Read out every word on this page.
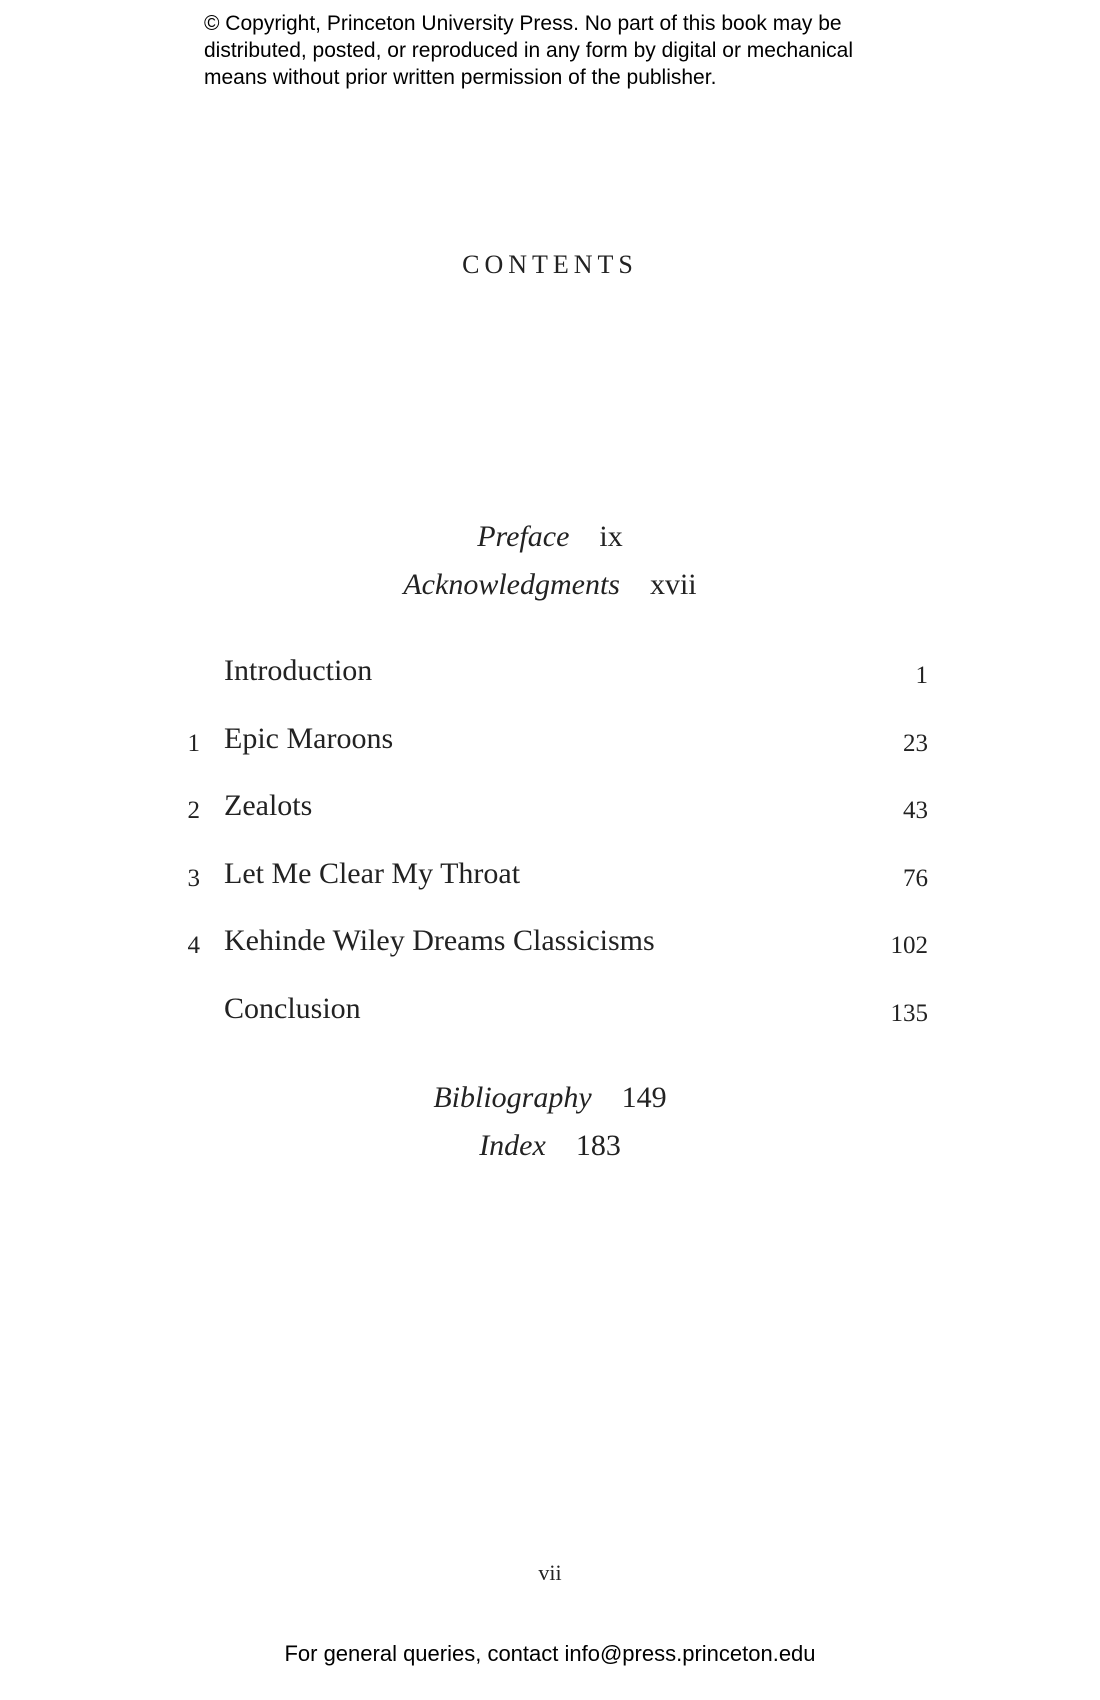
© Copyright, Princeton University Press. No part of this book may be
distributed, posted, or reproduced in any form by digital or mechanical
means without prior written permission of the publisher.
CONTENTS
Preface ix
Acknowledgments xvii
Introduction	1
1 Epic Maroons	23
2 Zealots	43
3 Let Me Clear My Throat	76
4 Kehinde Wiley Dreams Classicisms	102
Conclusion	135
Bibliography 149
Index 183
vii
For general queries, contact info@press.princeton.edu
